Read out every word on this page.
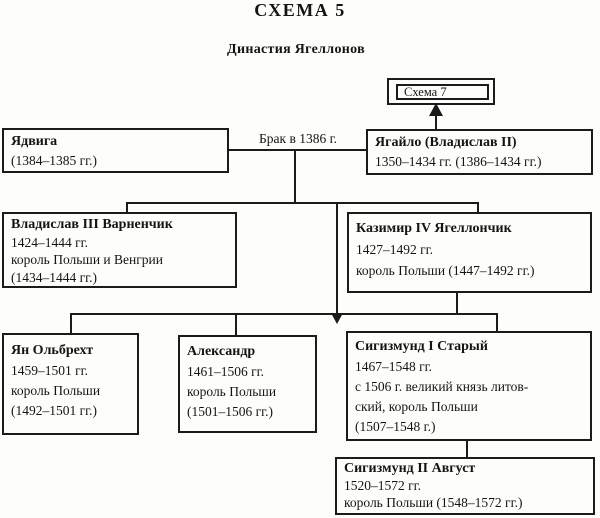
СХЕМА 5
Династия Ягеллонов
Схема 7
Брак в 1386 г.
Ядвига
(1384–1385 гг.)
Ягайло (Владислав II)
1350–1434 гг. (1386–1434 гг.)
Владислав III Варненчик
1424–1444 гг.
король Польши и Венгрии
(1434–1444 гг.)
Казимир IV Ягеллончик
1427–1492 гг.
король Польши (1447–1492 гг.)
Ян Ольбрехт
1459–1501 гг.
король Польши
(1492–1501 гг.)
Александр
1461–1506 гг.
король Польши
(1501–1506 гг.)
Сигизмунд I Старый
1467–1548 гг.
с 1506 г. великий князь литов-
ский, король Польши
(1507–1548 г.)
Сигизмунд II Август
1520–1572 гг.
король Польши (1548–1572 гг.)
